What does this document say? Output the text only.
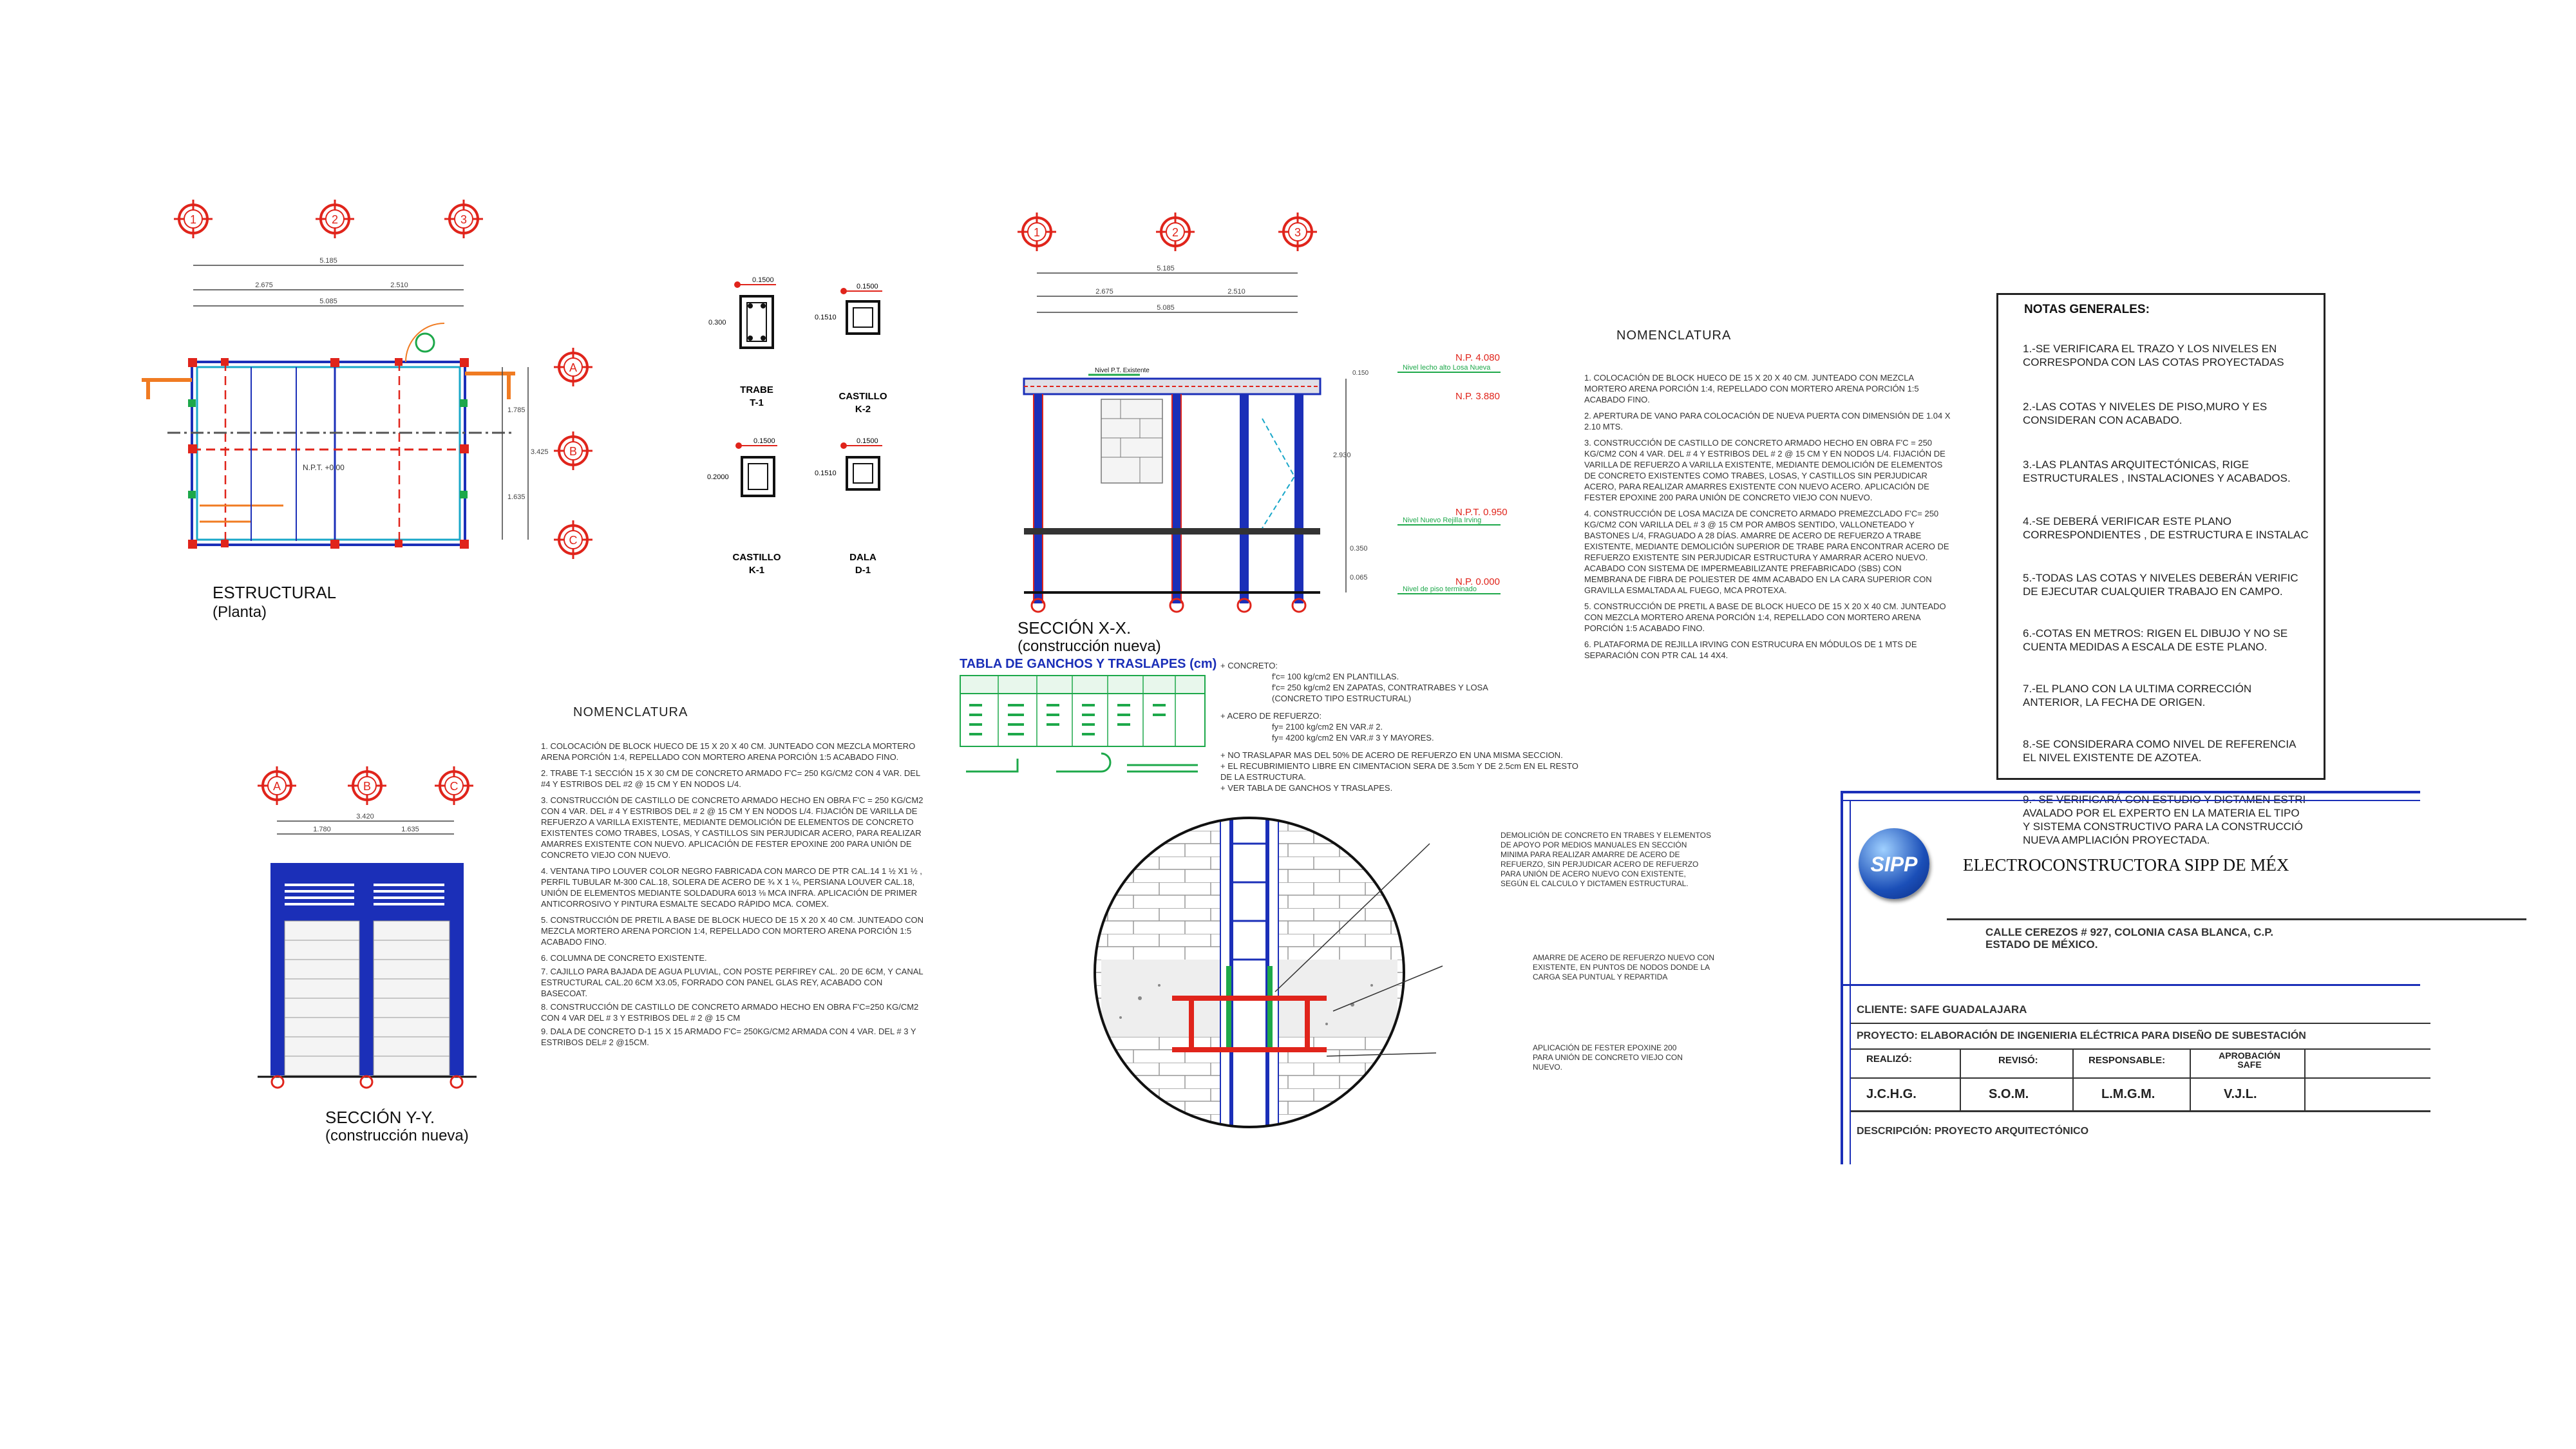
1	2	3
5.185
2.675	2.510
5.085
N.P.T. +0.00
A
B
C
1.785
3.425
1.635
ESTRUCTURAL
(Planta)
0.1500
0.300
TRABE
T-1
0.1500
0.1510
CASTILLO
K-2
0.1500
0.2000
CASTILLO
K-1
0.1500
0.1510
DALA
D-1
1	2	3
5.185
2.675	2.510
5.085
Nivel P.T. Existente	0.150
2.930
0.350
0.065
Nivel lecho alto Losa Nueva
N.P. 4.080
N.P. 3.880
Nivel Nuevo Rejilla Irving
N.P.T. 0.950
Nivel de piso terminado
N.P. 0.000
SECCIÓN X-X.
(construcción nueva)
TABLA DE GANCHOS Y TRASLAPES (cm) + CONCRETO:
f'c= 100 kg/cm2 EN PLANTILLAS.
f'c= 250 kg/cm2 EN ZAPATAS, CONTRATRABES Y LOSA
(CONCRETO TIPO ESTRUCTURAL)
+ ACERO DE REFUERZO:
fy= 2100 kg/cm2 EN VAR.# 2.
fy= 4200 kg/cm2 EN VAR.# 3 Y MAYORES.
+ NO TRASLAPAR MAS DEL 50% DE ACERO DE REFUERZO EN UNA MISMA SECCION.
+ EL RECUBRIMIENTO LIBRE EN CIMENTACION SERA DE 3.5cm Y DE 2.5cm EN EL RESTO DE LA ESTRUCTURA.
+ VER TABLA DE GANCHOS Y TRASLAPES.
NOMENCLATURA
1. COLOCACIÓN DE BLOCK HUECO DE 15 X 20 X 40 CM. JUNTEADO CON MEZCLA MORTERO ARENA PORCIÓN 1:4, REPELLADO CON MORTERO ARENA PORCIÓN 1:5 ACABADO FINO.
2. TRABE T-1 SECCIÓN 15 X 30 CM DE CONCRETO ARMADO F'C= 250 KG/CM2 CON 4 VAR. DEL #4 Y ESTRIBOS DEL #2 @ 15 CM Y EN NODOS L/4.
3. CONSTRUCCIÓN DE CASTILLO DE CONCRETO ARMADO HECHO EN OBRA F'C = 250 KG/CM2 CON 4 VAR. DEL # 4 Y ESTRIBOS DEL # 2 @ 15 CM Y EN NODOS L/4. FIJACIÓN DE VARILLA DE REFUERZO A VARILLA EXISTENTE, MEDIANTE DEMOLICIÓN DE ELEMENTOS DE CONCRETO EXISTENTES COMO TRABES, LOSAS, Y CASTILLOS SIN PERJUDICAR ACERO, PARA REALIZAR AMARRES EXISTENTE CON NUEVO. APLICACIÓN DE FESTER EPOXINE 200 PARA UNIÓN DE CONCRETO VIEJO CON NUEVO.
4. VENTANA TIPO LOUVER COLOR NEGRO FABRICADA CON MARCO DE PTR CAL.14 1 ½ X1 ½ , PERFIL TUBULAR M-300 CAL.18, SOLERA DE ACERO DE ¾ X 1 ¼, PERSIANA LOUVER CAL.18, UNIÓN DE ELEMENTOS MEDIANTE SOLDADURA 6013 ⅛ MCA INFRA. APLICACIÓN DE PRIMER ANTICORROSIVO Y PINTURA ESMALTE SECADO RÁPIDO MCA. COMEX.
5. CONSTRUCCIÓN DE PRETIL A BASE DE BLOCK HUECO DE 15 X 20 X 40 CM. JUNTEADO CON MEZCLA MORTERO ARENA PORCION 1:4, REPELLADO CON MORTERO ARENA PORCIÓN 1:5 ACABADO FINO.
6. COLUMNA DE CONCRETO EXISTENTE.
7. CAJILLO PARA BAJADA DE AGUA PLUVIAL, CON POSTE PERFIREY CAL. 20 DE 6CM, Y CANAL ESTRUCTURAL CAL.20 6CM X3.05, FORRADO CON PANEL GLAS REY, ACABADO CON BASECOAT.
8. CONSTRUCCIÓN DE CASTILLO DE CONCRETO ARMADO HECHO EN OBRA F'C=250 KG/CM2 CON 4 VAR DEL # 3 Y ESTRIBOS DEL # 2 @ 15 CM
9. DALA DE CONCRETO D-1 15 X 15 ARMADO F'C= 250KG/CM2 ARMADA CON 4 VAR. DEL # 3 Y ESTRIBOS DEL# 2 @15CM.
A	B	C
3.420
1.780	1.635
SECCIÓN Y-Y.
(construcción nueva)
DEMOLICIÓN DE CONCRETO EN TRABES Y ELEMENTOS DE APOYO POR MEDIOS MANUALES EN SECCIÓN MINIMA PARA REALIZAR AMARRE DE ACERO DE REFUERZO, SIN PERJUDICAR ACERO DE REFUERZO PARA UNIÓN DE ACERO NUEVO CON EXISTENTE, SEGÚN EL CALCULO Y DICTAMEN ESTRUCTURAL.
AMARRE DE ACERO DE REFUERZO NUEVO CON EXISTENTE, EN PUNTOS DE NODOS DONDE LA CARGA SEA PUNTUAL Y REPARTIDA
APLICACIÓN DE FESTER EPOXINE 200 PARA UNIÓN DE CONCRETO VIEJO CON NUEVO.
NOMENCLATURA
1. COLOCACIÓN DE BLOCK HUECO DE 15 X 20 X 40 CM. JUNTEADO CON MEZCLA MORTERO ARENA PORCIÓN 1:4, REPELLADO CON MORTERO ARENA PORCIÓN 1:5 ACABADO FINO.
2. APERTURA DE VANO PARA COLOCACIÓN DE NUEVA PUERTA CON DIMENSIÓN DE 1.04 X 2.10 MTS.
3. CONSTRUCCIÓN DE CASTILLO DE CONCRETO ARMADO HECHO EN OBRA F'C = 250 KG/CM2 CON 4 VAR. DEL # 4 Y ESTRIBOS DEL # 2 @ 15 CM Y EN NODOS L/4. FIJACIÓN DE VARILLA DE REFUERZO A VARILLA EXISTENTE, MEDIANTE DEMOLICIÓN DE ELEMENTOS DE CONCRETO EXISTENTES COMO TRABES, LOSAS, Y CASTILLOS SIN PERJUDICAR ACERO, PARA REALIZAR AMARRES EXISTENTE CON NUEVO ACERO. APLICACIÓN DE FESTER EPOXINE 200 PARA UNIÓN DE CONCRETO VIEJO CON NUEVO.
4. CONSTRUCCIÓN DE LOSA MACIZA DE CONCRETO ARMADO PREMEZCLADO F'C= 250 KG/CM2 CON VARILLA DEL # 3 @ 15 CM POR AMBOS SENTIDO, VALLONETEADO Y BASTONES L/4, FRAGUADO A 28 DÍAS. AMARRE DE ACERO DE REFUERZO A TRABE EXISTENTE, MEDIANTE DEMOLICIÓN SUPERIOR DE TRABE PARA ENCONTRAR ACERO DE REFUERZO EXISTENTE SIN PERJUDICAR ESTRUCTURA Y AMARRAR ACERO NUEVO. ACABADO CON SISTEMA DE IMPERMEABILIZANTE PREFABRICADO (SBS) CON MEMBRANA DE FIBRA DE POLIESTER DE 4MM ACABADO EN LA CARA SUPERIOR CON GRAVILLA ESMALTADA AL FUEGO, MCA PROTEXA.
5. CONSTRUCCIÓN DE PRETIL A BASE DE BLOCK HUECO DE 15 X 20 X 40 CM. JUNTEADO CON MEZCLA MORTERO ARENA PORCIÓN 1:4, REPELLADO CON MORTERO ARENA PORCIÓN 1:5 ACABADO FINO.
6. PLATAFORMA DE REJILLA IRVING CON ESTRUCURA EN MÓDULOS DE 1 MTS DE SEPARACIÓN CON PTR CAL 14 4X4.
NOTAS GENERALES:

1.-SE VERIFICARA EL TRAZO Y LOS NIVELES EN
CORRESPONDA CON LAS COTAS PROYECTADAS

2.-LAS COTAS Y NIVELES DE PISO,MURO Y ES
CONSIDERAN CON ACABADO.

3.-LAS PLANTAS ARQUITECTÓNICAS, RIGE
ESTRUCTURALES , INSTALACIONES Y ACABADOS.

4.-SE DEBERÁ VERIFICAR ESTE PLANO
CORRESPONDIENTES , DE ESTRUCTURA E INSTALAC

5.-TODAS LAS COTAS Y NIVELES DEBERÁN VERIFIC
DE EJECUTAR CUALQUIER TRABAJO EN CAMPO.

6.-COTAS EN METROS: RIGEN EL DIBUJO Y NO SE
CUENTA MEDIDAS A ESCALA DE ESTE PLANO.

7.-EL PLANO CON LA ULTIMA CORRECCIÓN
ANTERIOR, LA FECHA DE ORIGEN.

8.-SE CONSIDERARA COMO NIVEL DE REFERENCIA
EL NIVEL EXISTENTE DE AZOTEA.

AVALADO POR EL EXPERTO EN LA MATERIA EL TIPO
Y SISTEMA CONSTRUCTIVO PARA LA CONSTRUCCIÓ
NUEVA AMPLIACIÓN PROYECTADA.

SIPP	ELECTROCONSTRUCTORA SIPP DE MÉX
CALLE CEREZOS # 927, COLONIA CASA BLANCA, C.P.
ESTADO DE MÉXICO.
CLIENTE: SAFE GUADALAJARA
PROYECTO: ELABORACIÓN DE INGENIERIA ELÉCTRICA PARA DISEÑO DE SUBESTACIÓN
REALIZÓ:	REVISÓ:	RESPONSABLE:	APROBACIÓN
SAFE
J.C.H.G.	S.O.M.	L.M.G.M.	V.J.L.
DESCRIPCIÓN: PROYECTO ARQUITECTÓNICO
